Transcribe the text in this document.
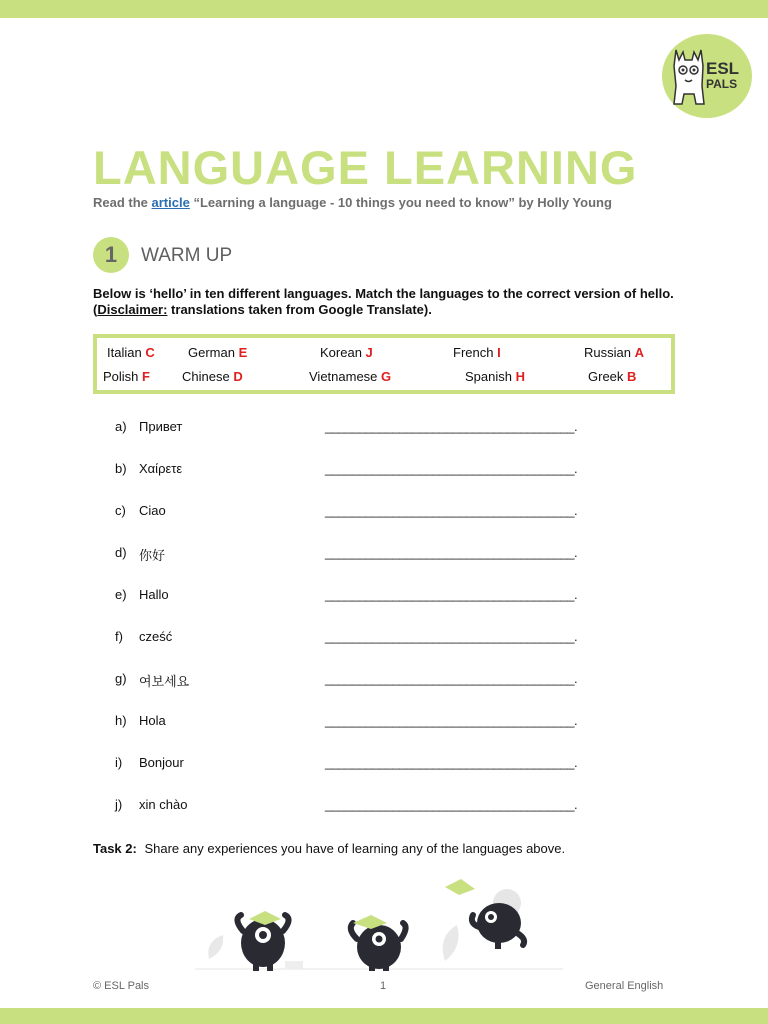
ESL
PALS
LANGUAGE LEARNING
Read the article “Learning a language - 10 things you need to know” by Holly Young
1	WARM UP
Below is ‘hello’ in ten different languages. Match the languages to the correct version of hello. (Disclaimer: translations taken from Google Translate).
Italian C	German E	Korean J	French I	Russian A
Polish F Chinese D	Vietnamese G	Spanish H	Greek B
a) Привет	_____________________________________.
b) Χαίρετε	_____________________________________.
c) Ciao	_____________________________________.
d) 你好	_____________________________________.
e) Hallo	_____________________________________.
f) cześć	_____________________________________.
g) 여보세요	_____________________________________.
h) Hola	_____________________________________.
i) Bonjour	_____________________________________.
j) xin chào	_____________________________________.
Task 2: Share any experiences you have of learning any of the languages above.
© ESL Pals	1	General English
